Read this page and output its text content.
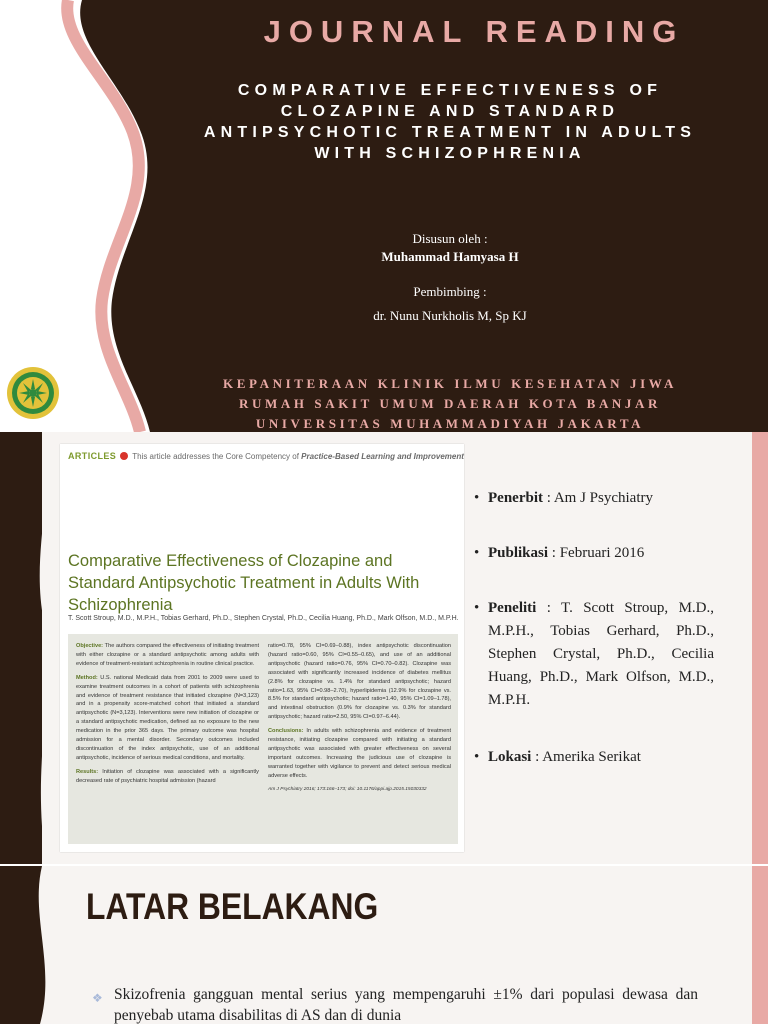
JOURNAL READING
COMPARATIVE EFFECTIVENESS OF CLOZAPINE AND STANDARD ANTIPSYCHOTIC TREATMENT IN ADULTS WITH SCHIZOPHRENIA
Disusun oleh :
Muhammad Hamyasa H
Pembimbing :
dr. Nunu Nurkholis M, Sp KJ
KEPANITERAAN KLINIK ILMU KESEHATAN JIWA
RUMAH SAKIT UMUM DAERAH KOTA BANJAR
UNIVERSITAS MUHAMMADIYAH JAKARTA
ARTICLES This article addresses the Core Competency of Practice-Based Learning and Improvement
Comparative Effectiveness of Clozapine and Standard Antipsychotic Treatment in Adults With Schizophrenia
T. Scott Stroup, M.D., M.P.H., Tobias Gerhard, Ph.D., Stephen Crystal, Ph.D., Cecilia Huang, Ph.D., Mark Olfson, M.D., M.P.H.

Objective: The authors compared the effectiveness of initiating treatment with either clozapine or a standard antipsychotic among adults with evidence of treatment-resistant schizophrenia in routine clinical practice.

Method: U.S. national Medicaid data from 2001 to 2009 were used to examine treatment outcomes in a cohort of patients with schizophrenia and evidence of treatment resistance that initiated clozapine (N=3,123) and in a propensity score-matched cohort that initiated a standard antipsychotic (N=3,123). Interventions were new initiation of clozapine or a standard antipsychotic medication, defined as no exposure to the new medication in the prior 365 days. The primary outcome was hospital admission for a mental disorder. Secondary outcomes included discontinuation of the index antipsychotic, use of an additional antipsychotic, incidence of serious medical conditions, and mortality.

Results: Initiation of clozapine was associated with a significantly decreased rate of psychiatric hospital admission (hazard

ratio=0.78, 95% CI=0.69–0.88), index antipsychotic discontinuation (hazard ratio=0.60, 95% CI=0.55–0.65), and use of an additional antipsychotic (hazard ratio=0.76, 95% CI=0.70–0.82). Clozapine was associated with significantly increased incidence of diabetes mellitus (2.8% for clozapine vs. 1.4% for standard antipsychotic; hazard ratio=1.63, 95% CI=0.98–2.70), hyperlipidemia (12.9% for clozapine vs. 8.5% for standard antipsychotic; hazard ratio=1.40, 95% CI=1.09–1.78), and intestinal obstruction (0.9% for clozapine vs. 0.3% for standard antipsychotic; hazard ratio=2.50, 95% CI=0.97–6.44).

Conclusions: In adults with schizophrenia and evidence of treatment resistance, initiating clozapine compared with initiating a standard antipsychotic was associated with greater effectiveness on several important outcomes. Increasing the judicious use of clozapine is warranted together with vigilance to prevent and detect serious medical adverse effects.

Am J Psychiatry 2016; 173:166–173; doi: 10.1176/appi.ajp.2015.15030332

• Penerbit : Am J Psychiatry
• Publikasi : Februari 2016
• Peneliti : T. Scott Stroup, M.D., M.P.H., Tobias Gerhard, Ph.D., Stephen Crystal, Ph.D., Cecilia Huang, Ph.D., Mark Olfson, M.D., M.P.H.
• Lokasi : Amerika Serikat
LATAR BELAKANG
❖ Skizofrenia gangguan mental serius yang mempengaruhi ±1% dari populasi dewasa dan penyebab utama disabilitas di AS dan di dunia
